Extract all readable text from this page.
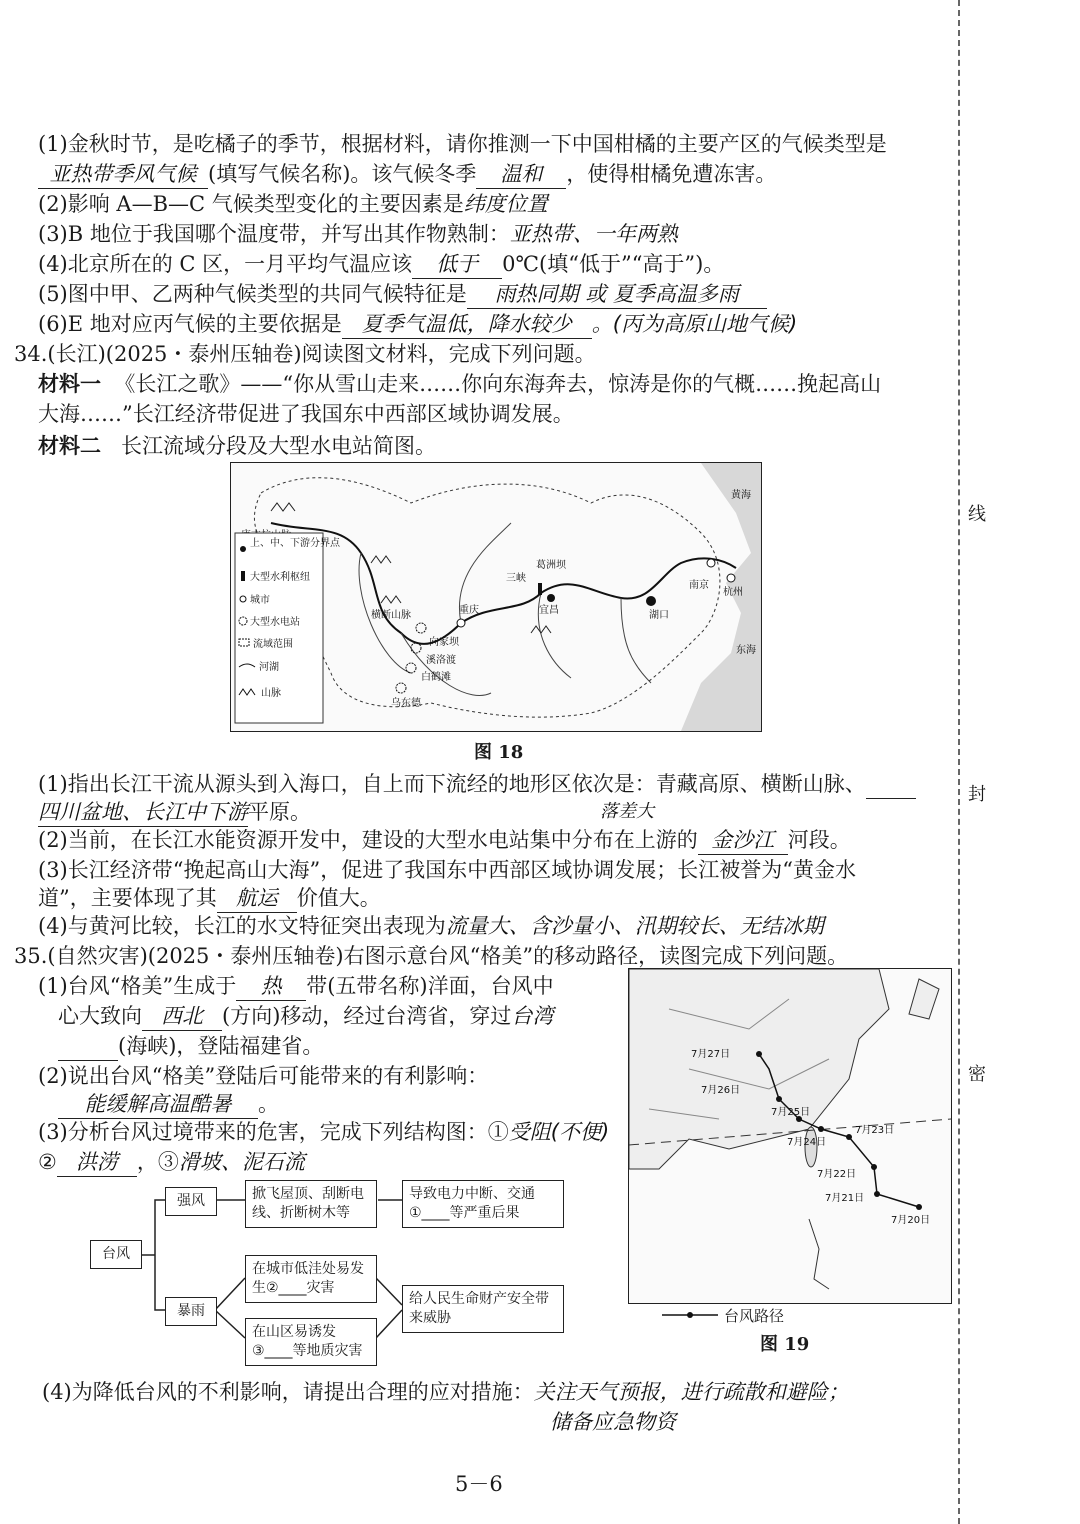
线
封
密
(1)金秋时节，是吃橘子的季节，根据材料，请你推测一下中国柑橘的主要产区的气候类型是
亚热带季风气候 (填写气候名称)。该气候冬季 温和 ，使得柑橘免遭冻害。
(2)影响 A—B—C 气候类型变化的主要因素是纬度位置
(3)B 地位于我国哪个温度带，并写出其作物熟制：亚热带、一年两熟
(4)北京所在的 C 区，一月平均气温应该 低于 0℃(填“低于”“高于”)。
(5)图中甲、乙两种气候类型的共同气候特征是 雨热同期 或 夏季高温多雨
(6)E 地对应丙气候的主要依据是 夏季气温低，降水较少 。(丙为高原山地气候)
34.(长江)(2025・泰州压轴卷)阅读图文材料，完成下列问题。
材料一 《长江之歌》——“你从雪山走来……你向东海奔去，惊涛是你的气概……挽起高山
大海……”长江经济带促进了我国东中西部区域协调发展。
材料二 长江流域分段及大型水电站简图。
横断山脉	重庆
三峡
葛洲坝
宜昌	湖口
南京
杭州
向家坝
溪洛渡
白鹤滩
乌东德
黄海
东海
上、中、下游分界点
大型水利枢纽
城市
大型水电站
流域范围
河湖
山脉
图 18
(1)指出长江干流从源头到入海口，自上而下流经的地形区依次是：青藏高原、横断山脉、
四川盆地、长江中下游平原。	落差大
(2)当前，在长江水能资源开发中，建设的大型水电站集中分布在上游的 金沙江 河段。
(3)长江经济带“挽起高山大海”，促进了我国东中西部区域协调发展；长江被誉为“黄金水
道”，主要体现了其 航运 价值大。
(4)与黄河比较，长江的水文特征突出表现为流量大、含沙量小、汛期较长、无结冰期
35.(自然灾害)(2025・泰州压轴卷)右图示意台风“格美”的移动路径，读图完成下列问题。
(1)台风“格美”生成于 热 带(五带名称)洋面，台风中
心大致向 西北 (方向)移动，经过台湾省，穿过台湾
(海峡)，登陆福建省。
(2)说出台风“格美”登陆后可能带来的有利影响：
能缓解高温酷暑 。
(3)分析台风过境带来的危害，完成下列结构图：①受阻(不便)
② 洪涝 ，③滑坡、泥石流
台风
强风	掀飞屋顶、刮断电线、折断树木等
导致电力中断、交通①____等严重后果
暴雨
在城市低洼处易发生②____灾害
在山区易诱发③____等地质灾害
给人民生命财产安全带来威胁
7月20日
7月21日
7月22日
7月23日
7月24日
7月25日
7月26日
7月27日
台风路径
图 19
(4)为降低台风的不利影响，请提出合理的应对措施：关注天气预报，进行疏散和避险；
储备应急物资
5－6
